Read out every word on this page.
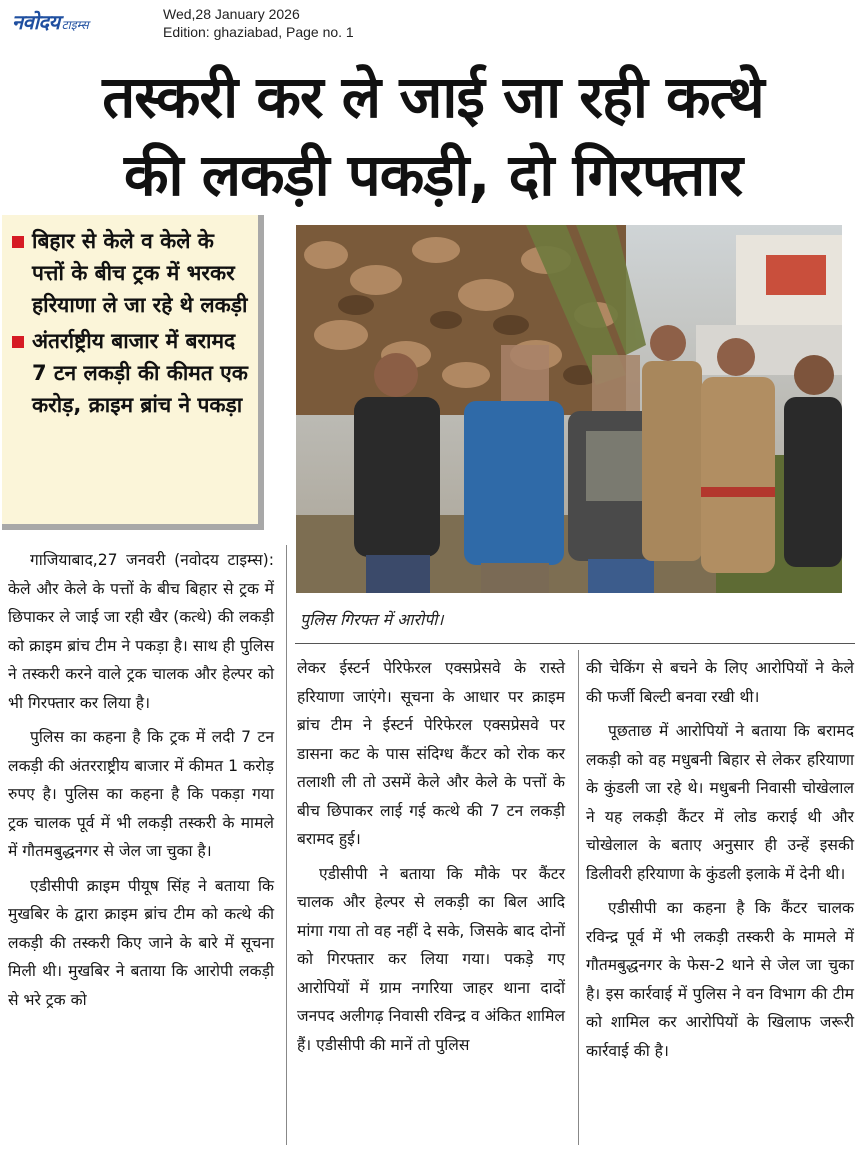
नवोदय टाइम्स
Wed,28 January 2026
Edition: ghaziabad, Page no. 1
तस्करी कर ले जाई जा रही कत्थे
की लकड़ी पकड़ी, दो गिरफ्तार
बिहार से केले व केले के पत्तों के बीच ट्रक में भरकर हरियाणा ले जा रहे थे लकड़ी
अंतर्राष्ट्रीय बाजार में बरामद 7 टन लकड़ी की कीमत एक करोड़, क्राइम ब्रांच ने पकड़ा
पुलिस गिरफ्त में आरोपी।

गाजियाबाद,27 जनवरी (नवोदय टाइम्स): केले और केले के पत्तों के बीच बिहार से ट्रक में छिपाकर ले जाई जा रही खैर (कत्थे) की लकड़ी को क्राइम ब्रांच टीम ने पकड़ा है। साथ ही पुलिस ने तस्करी करने वाले ट्रक चालक और हेल्पर को भी गिरफ्तार कर लिया है।

पुलिस का कहना है कि ट्रक में लदी 7 टन लकड़ी की अंतरराष्ट्रीय बाजार में कीमत 1 करोड़ रुपए है। पुलिस का कहना है कि पकड़ा गया ट्रक चालक पूर्व में भी लकड़ी तस्करी के मामले में गौतमबुद्धनगर से जेल जा चुका है।

एडीसीपी क्राइम पीयूष सिंह ने बताया कि मुखबिर के द्वारा क्राइम ब्रांच टीम को कत्थे की लकड़ी की तस्करी किए जाने के बारे में सूचना मिली थी। मुखबिर ने बताया कि आरोपी लकड़ी से भरे ट्रक को

लेकर ईस्टर्न पेरिफेरल एक्सप्रेसवे के रास्ते हरियाणा जाएंगे। सूचना के आधार पर क्राइम ब्रांच टीम ने ईस्टर्न पेरिफेरल एक्सप्रेसवे पर डासना कट के पास संदिग्ध कैंटर को रोक कर तलाशी ली तो उसमें केले और केले के पत्तों के बीच छिपाकर लाई गई कत्थे की 7 टन लकड़ी बरामद हुई।

एडीसीपी ने बताया कि मौके पर कैंटर चालक और हेल्पर से लकड़ी का बिल आदि मांगा गया तो वह नहीं दे सके, जिसके बाद दोनों को गिरफ्तार कर लिया गया। पकड़े गए आरोपियों में ग्राम नगरिया जाहर थाना दादों जनपद अलीगढ़ निवासी रविन्द्र व अंकित शामिल हैं। एडीसीपी की मानें तो पुलिस

की चेकिंग से बचने के लिए आरोपियों ने केले की फर्जी बिल्टी बनवा रखी थी।

पूछताछ में आरोपियों ने बताया कि बरामद लकड़ी को वह मधुबनी बिहार से लेकर हरियाणा के कुंडली जा रहे थे। मधुबनी निवासी चोखेलाल ने यह लकड़ी कैंटर में लोड कराई थी और चोखेलाल के बताए अनुसार ही उन्हें इसकी डिलीवरी हरियाणा के कुंडली इलाके में देनी थी।

एडीसीपी का कहना है कि कैंटर चालक रविन्द्र पूर्व में भी लकड़ी तस्करी के मामले में गौतमबुद्धनगर के फेस-2 थाने से जेल जा चुका है। इस कार्रवाई में पुलिस ने वन विभाग की टीम को शामिल कर आरोपियों के खिलाफ जरूरी कार्रवाई की है।
